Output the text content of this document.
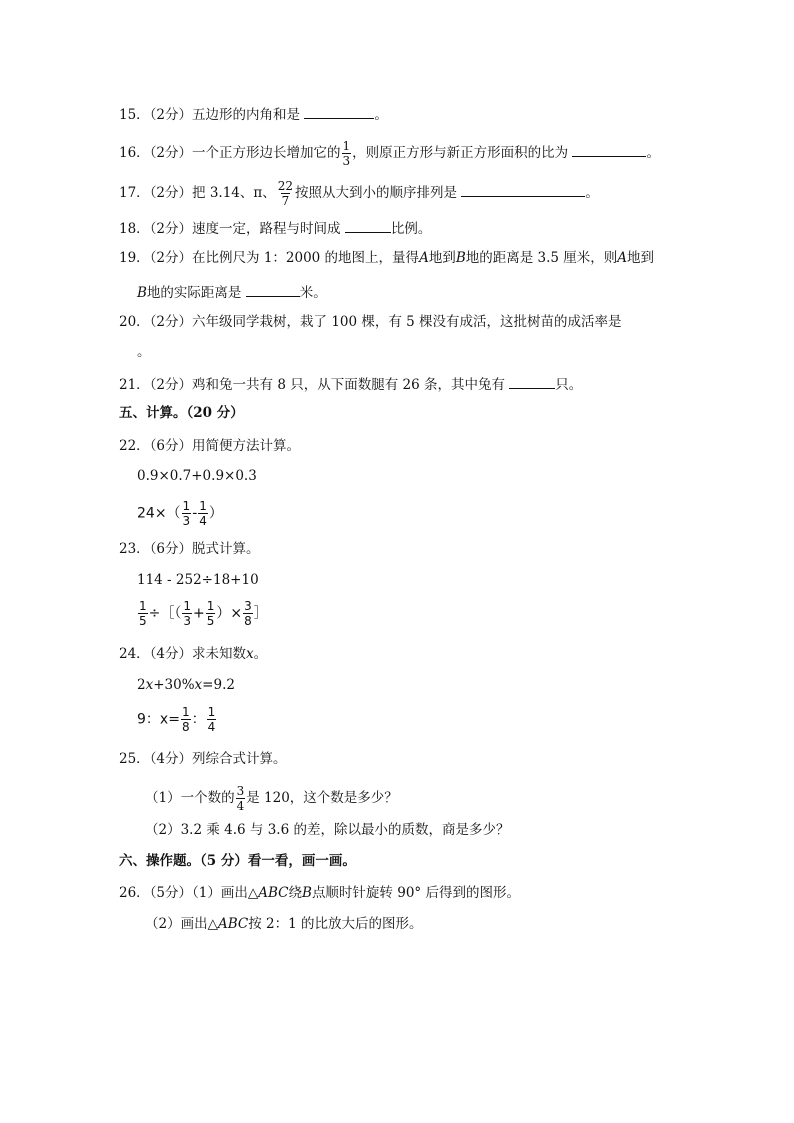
15．（2分）五边形的内角和是	。
16．（2分）一个正方形边长增加它的 $\frac{1}{3}$ ，则原正方形与新正方形面积的比为	。
17．（2分）把 3.14、π、 $\frac{22}{7}$ 按照从大到小的顺序排列是	。
18．（2分）速度一定，路程与时间成	比例。
19．（2分）在比例尺为 1：2000 的地图上，量得A地到B地的距离是 3.5 厘米，则A地到
B地的实际距离是	米。
20．（2分）六年级同学栽树，栽了 100 棵，有 5 棵没有成活，这批树苗的成活率是
。
21．（2分）鸡和兔一共有 8 只，从下面数腿有 26 条，其中兔有	只。
五、计算。（20 分）
22．（6分）用简便方法计算。
0.9×0.7+0.9×0.3
$24\times( \frac{1}{3} - \frac{1}{4}$ ）
23．（6分）脱式计算。
114 - 252÷18+10
$\frac{1}{5}$ ÷［（ $\frac{1}{3} + \frac{1}{5}$ ）× $\frac{3}{8}$ ］
24．（4分）求未知数x。
2x+30%x=9.2
9：$x= \frac{1}{8}$ ： $\frac{1}{4}$
25．（4分）列综合式计算。
（1）一个数的 $\frac{3}{4}$ 是 120，这个数是多少？
（2）3.2 乘 4.6 与 3.6 的差，除以最小的质数，商是多少？
六、操作题。（5 分）看一看，画一画。
26．（5分）（1）画出△ABC绕B点顺时针旋转 90° 后得到的图形。
（2）画出△ABC按 2：1 的比放大后的图形。
